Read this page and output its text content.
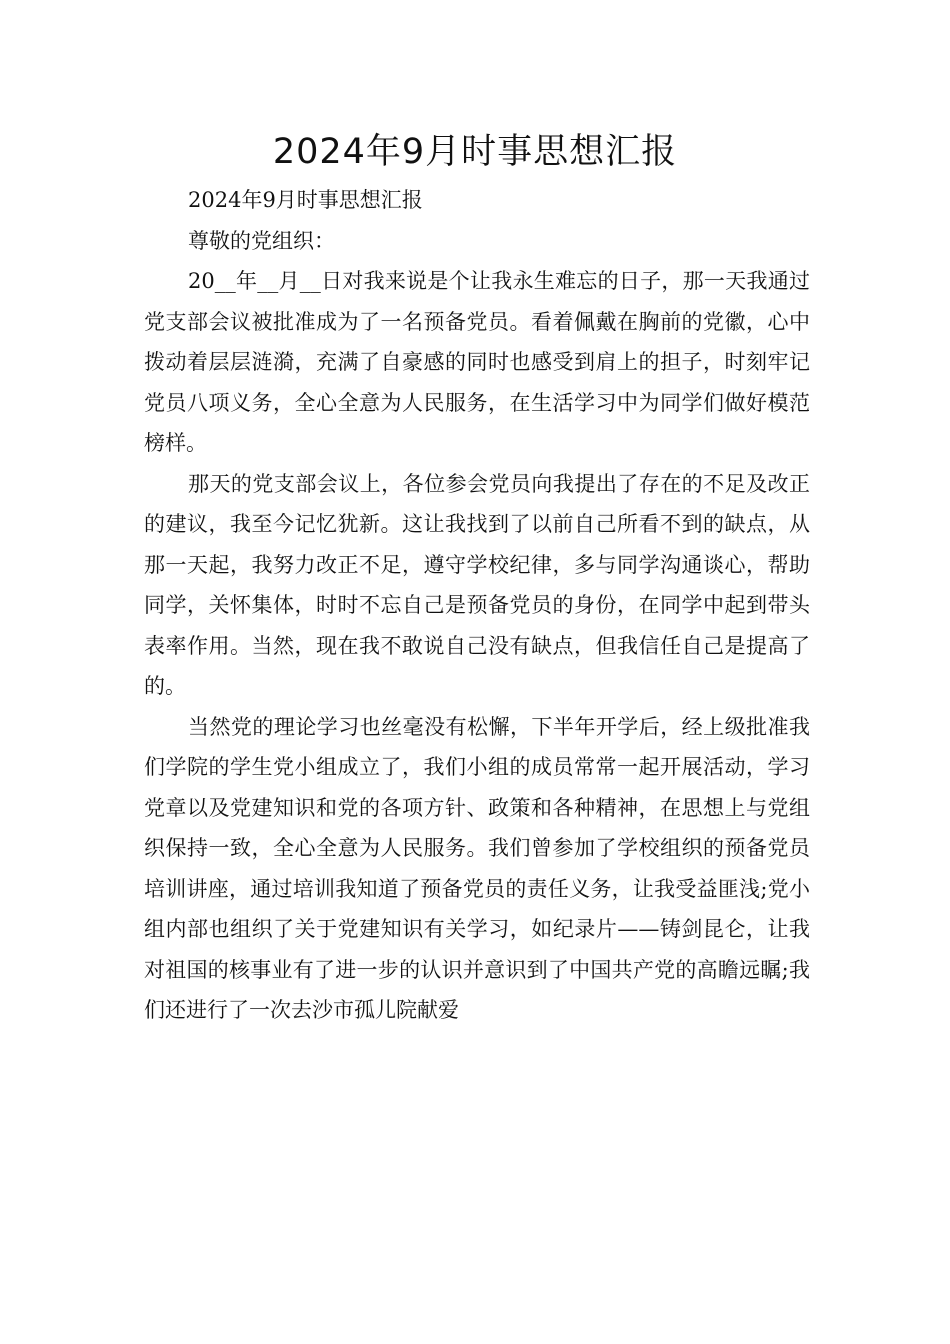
2024年9月时事思想汇报

2024年9月时事思想汇报

尊敬的党组织：

20__年__月__日对我来说是个让我永生难忘的日子，那一天我通过党支部会议被批准成为了一名预备党员。看着佩戴在胸前的党徽，心中拨动着层层涟漪，充满了自豪感的同时也感受到肩上的担子，时刻牢记党员八项义务，全心全意为人民服务，在生活学习中为同学们做好模范榜样。

那天的党支部会议上，各位参会党员向我提出了存在的不足及改正的建议，我至今记忆犹新。这让我找到了以前自己所看不到的缺点，从那一天起，我努力改正不足，遵守学校纪律，多与同学沟通谈心，帮助同学，关怀集体，时时不忘自己是预备党员的身份，在同学中起到带头表率作用。当然，现在我不敢说自己没有缺点，但我信任自己是提高了的。

当然党的理论学习也丝毫没有松懈，下半年开学后，经上级批准我们学院的学生党小组成立了，我们小组的成员常常一起开展活动，学习党章以及党建知识和党的各项方针、政策和各种精神，在思想上与党组织保持一致，全心全意为人民服务。我们曾参加了学校组织的预备党员培训讲座，通过培训我知道了预备党员的责任义务，让我受益匪浅;党小组内部也组织了关于党建知识有关学习，如纪录片——铸剑昆仑，让我对祖国的核事业有了进一步的认识并意识到了中国共产党的高瞻远瞩;我们还进行了一次去沙市孤儿院献爱
